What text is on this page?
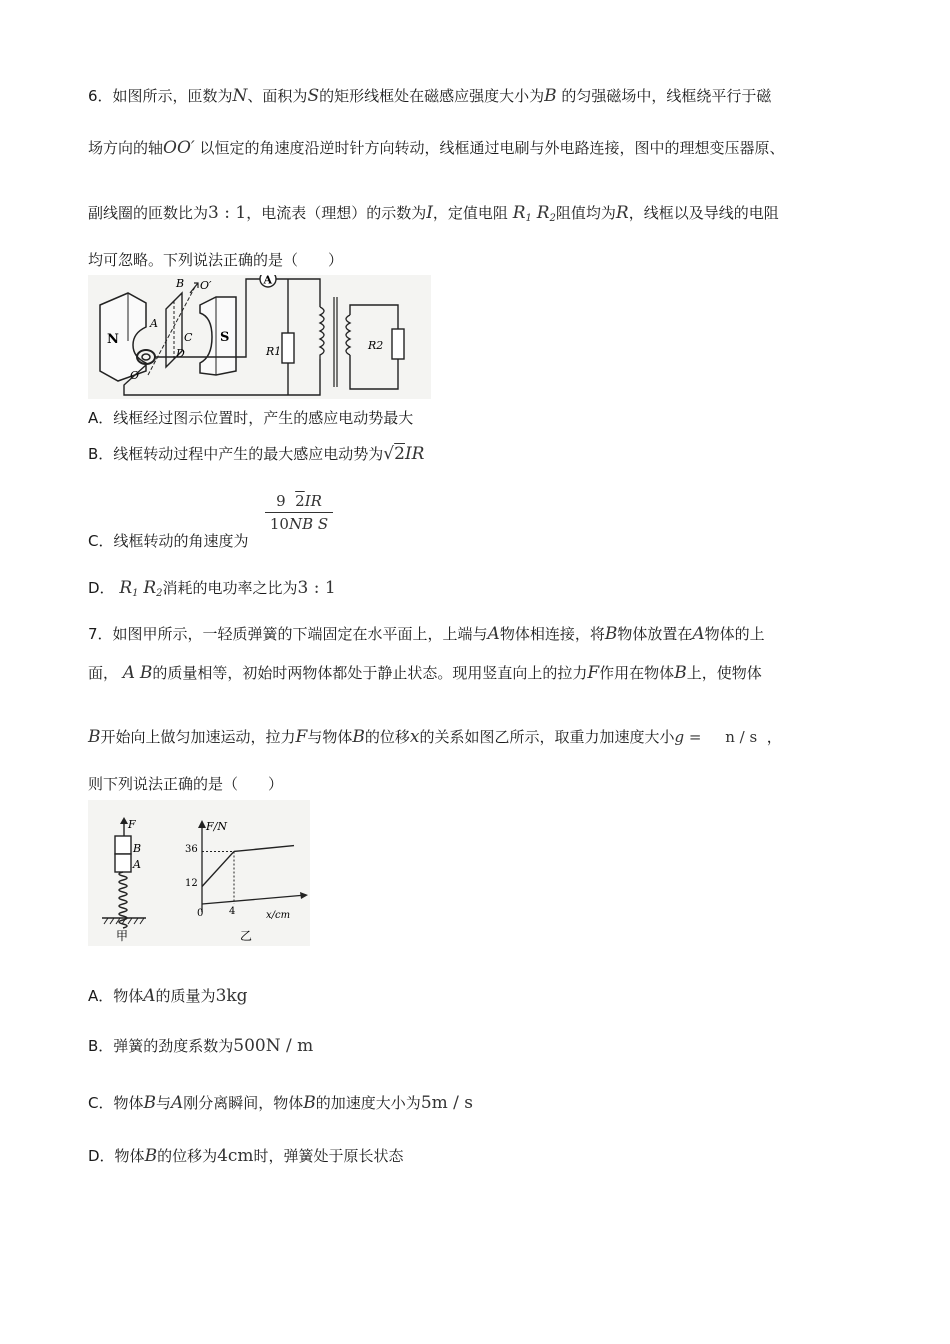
6．如图所示，匝数为N、面积为S的矩形线框处在磁感应强度大小为B 的匀强磁场中，线框绕平行于磁
场方向的轴OO′ 以恒定的角速度沿逆时针方向转动，线框通过电刷与外电路连接，图中的理想变压器原、
副线圈的匝数比为3 : 1，电流表（理想）的示数为I，定值电阻 $R_1$ $R_2$阻值均为R，线框以及导线的电阻
均可忽略。下列说法正确的是（　　）
N	S
A
B
C
D
O
O′	A
R1	R2
A．线框经过图示位置时，产生的感应电动势最大
B．线框转动过程中产生的最大感应电动势为√2IR
$\frac{9 2IR}{\text{10NB S}}$
C．线框转动的角速度为
D． $R_1$ $R_2$消耗的电功率之比为3 : 1
7．如图甲所示，一轻质弹簧的下端固定在水平面上，上端与A物体相连接，将B物体放置在A物体的上
面， A B的质量相等，初始时两物体都处于静止状态。现用竖直向上的拉力F作用在物体B上，使物体
B开始向上做匀加速运动，拉力F与物体B的位移x的关系如图乙所示，取重力加速度大小g = n / s ，
则下列说法正确的是（　　）
F
B
A
甲
F/N
x/cm
36
12
0	4
乙
A．物体A的质量为3kg
B．弹簧的劲度系数为500N / m
C．物体B与A刚分离瞬间，物体B的加速度大小为5m / s
D．物体B的位移为4cm时，弹簧处于原长状态
